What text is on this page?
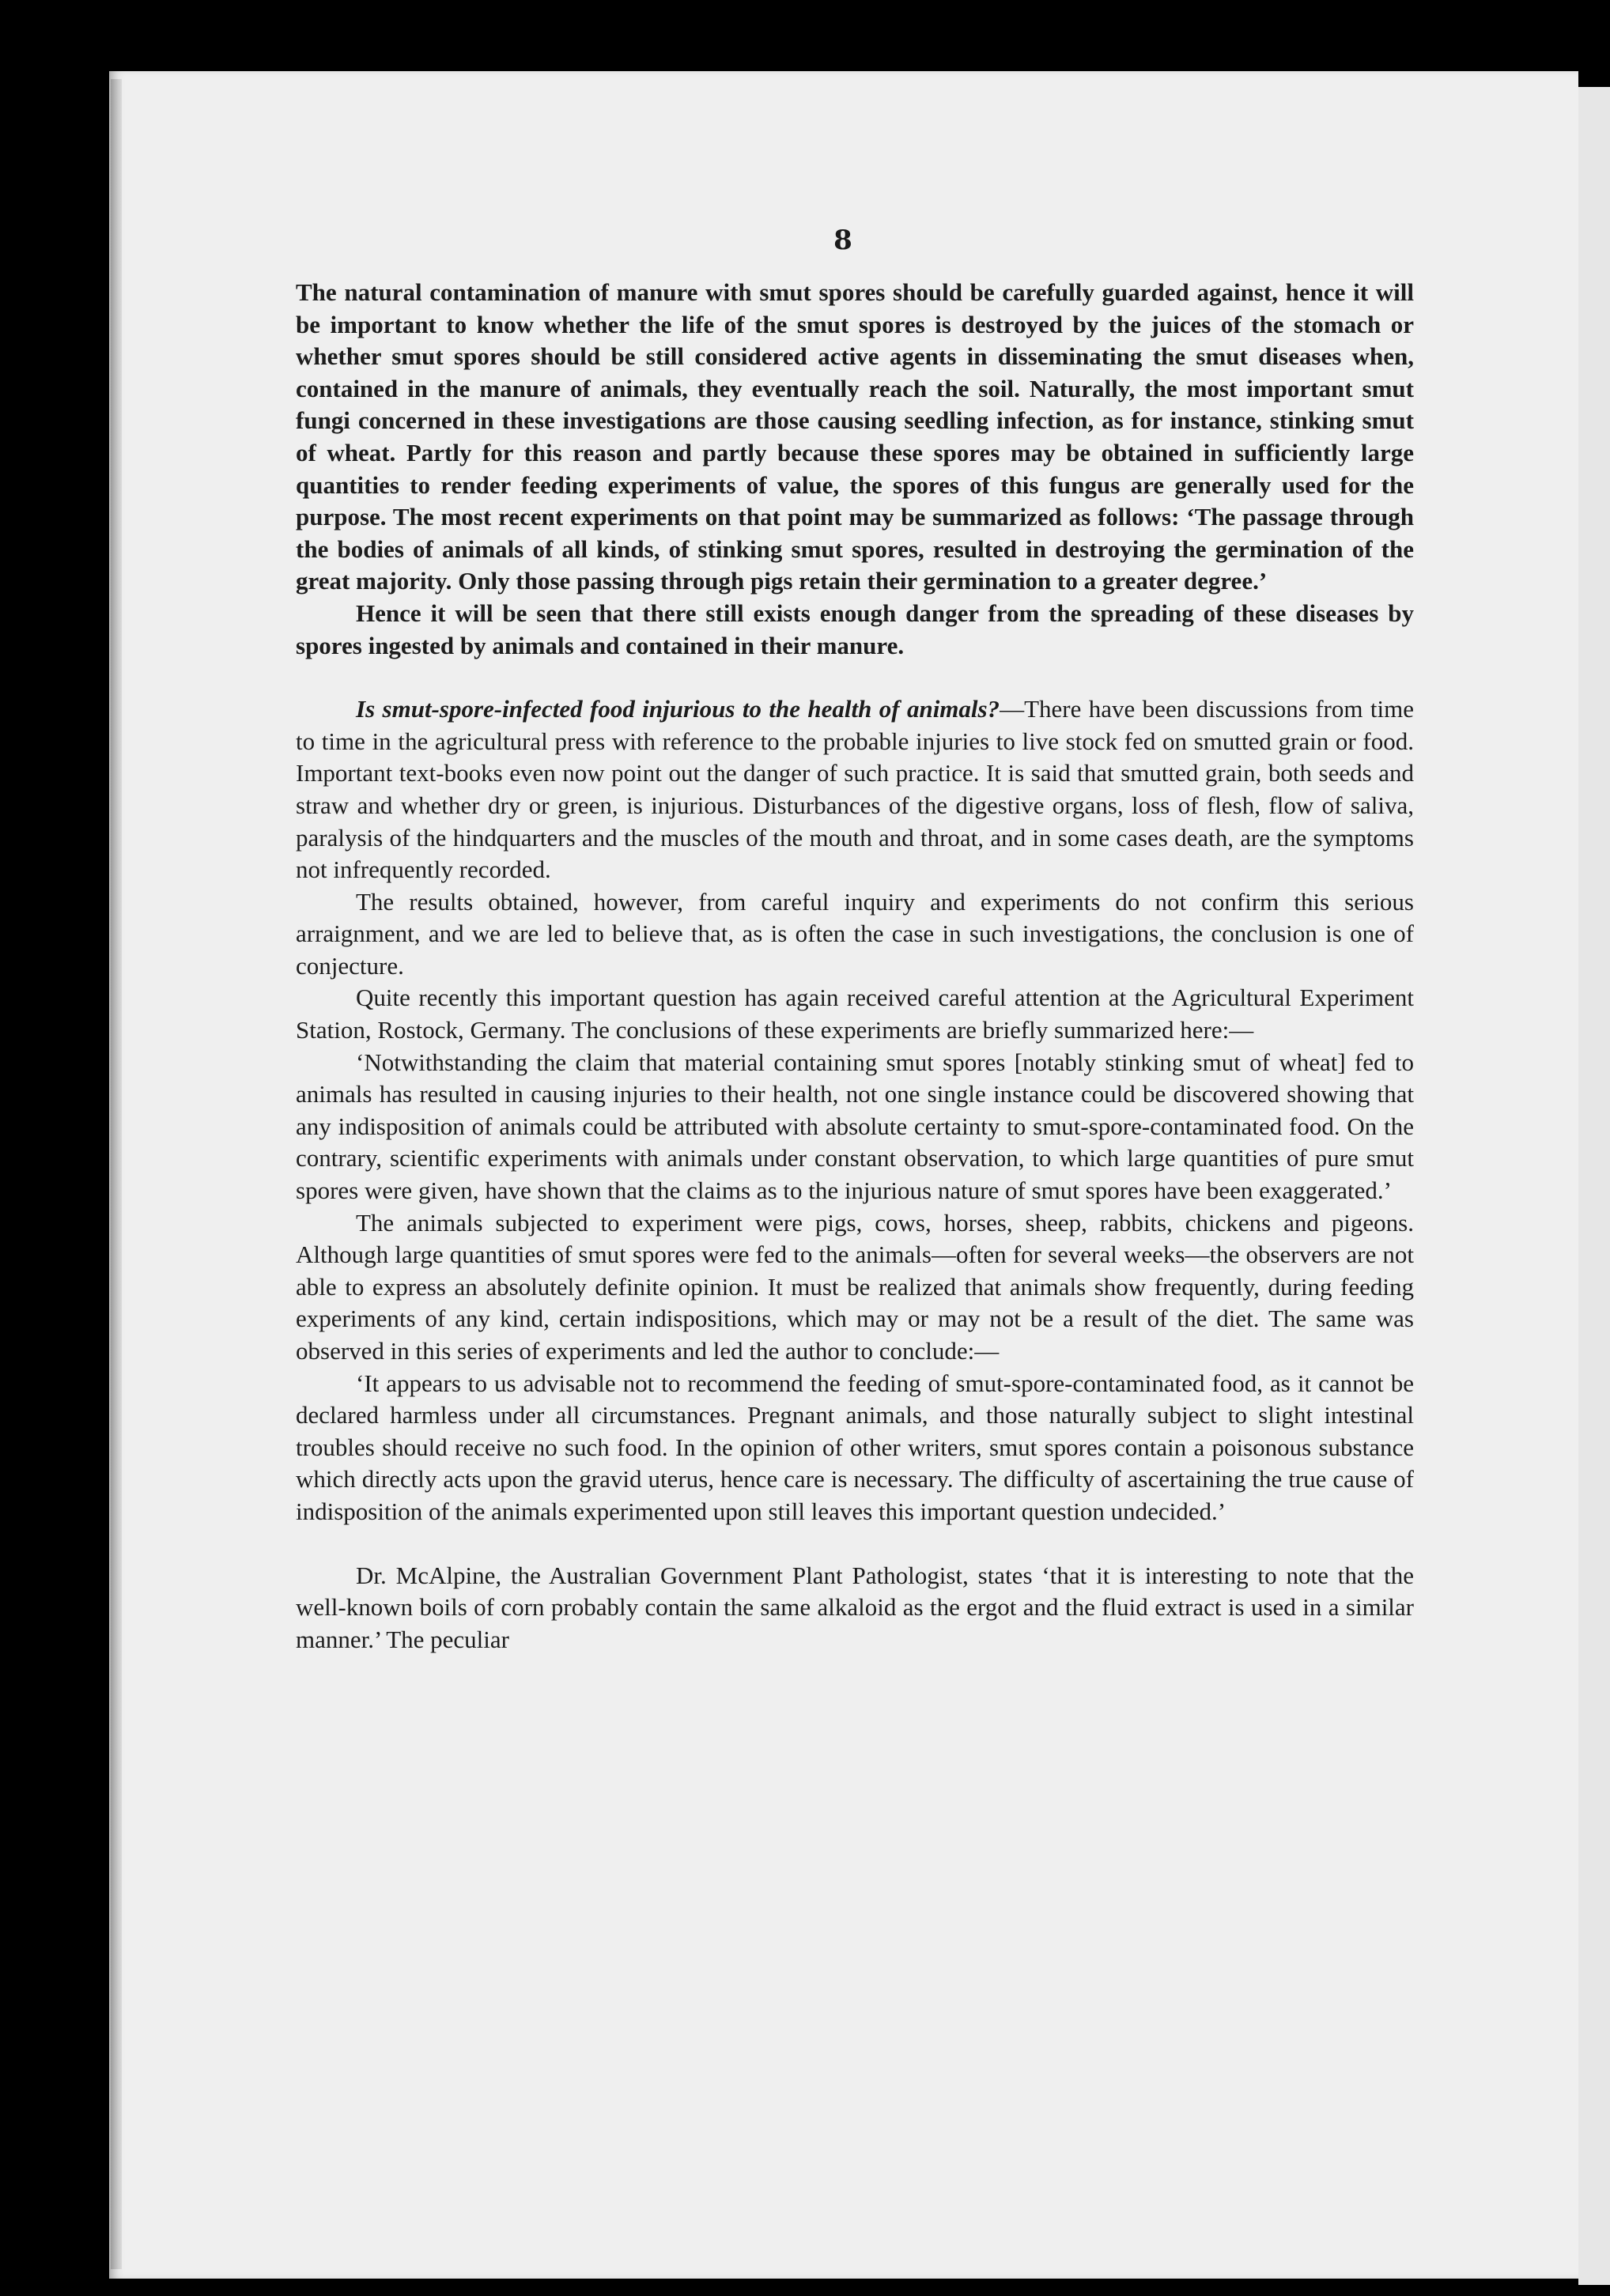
8

The natural contamination of manure with smut spores should be carefully guarded against, hence it will be important to know whether the life of the smut spores is destroyed by the juices of the stomach or whether smut spores should be still considered active agents in disseminating the smut diseases when, contained in the manure of animals, they eventually reach the soil. Naturally, the most important smut fungi concerned in these investigations are those causing seedling infection, as for instance, stinking smut of wheat. Partly for this reason and partly because these spores may be obtained in sufficiently large quantities to render feeding experiments of value, the spores of this fungus are generally used for the purpose. The most recent experiments on that point may be summarized as follows: ‘The passage through the bodies of animals of all kinds, of stinking smut spores, resulted in destroying the germination of the great majority. Only those passing through pigs retain their germination to a greater degree.’

Hence it will be seen that there still exists enough danger from the spreading of these diseases by spores ingested by animals and contained in their manure.

Is smut-spore-infected food injurious to the health of animals?—There have been discussions from time to time in the agricultural press with reference to the probable injuries to live stock fed on smutted grain or food. Important text-books even now point out the danger of such practice. It is said that smutted grain, both seeds and straw and whether dry or green, is injurious. Disturbances of the digestive organs, loss of flesh, flow of saliva, paralysis of the hindquarters and the muscles of the mouth and throat, and in some cases death, are the symptoms not infrequently recorded.

The results obtained, however, from careful inquiry and experiments do not confirm this serious arraignment, and we are led to believe that, as is often the case in such investigations, the conclusion is one of conjecture.

Quite recently this important question has again received careful attention at the Agricultural Experiment Station, Rostock, Germany. The conclusions of these experiments are briefly summarized here:—

‘Notwithstanding the claim that material containing smut spores [notably stinking smut of wheat] fed to animals has resulted in causing injuries to their health, not one single instance could be discovered showing that any indisposition of animals could be attributed with absolute certainty to smut-spore-contaminated food. On the contrary, scientific experiments with animals under constant observation, to which large quantities of pure smut spores were given, have shown that the claims as to the injurious nature of smut spores have been exaggerated.’

The animals subjected to experiment were pigs, cows, horses, sheep, rabbits, chickens and pigeons. Although large quantities of smut spores were fed to the animals—often for several weeks—the observers are not able to express an absolutely definite opinion. It must be realized that animals show frequently, during feeding experiments of any kind, certain indispositions, which may or may not be a result of the diet. The same was observed in this series of experiments and led the author to conclude:—

‘It appears to us advisable not to recommend the feeding of smut-spore-contaminated food, as it cannot be declared harmless under all circumstances. Pregnant animals, and those naturally subject to slight intestinal troubles should receive no such food. In the opinion of other writers, smut spores contain a poisonous substance which directly acts upon the gravid uterus, hence care is necessary. The difficulty of ascertaining the true cause of indisposition of the animals experimented upon still leaves this important question undecided.’

Dr. McAlpine, the Australian Government Plant Pathologist, states ‘that it is interesting to note that the well-known boils of corn probably contain the same alkaloid as the ergot and the fluid extract is used in a similar manner.’ The peculiar
